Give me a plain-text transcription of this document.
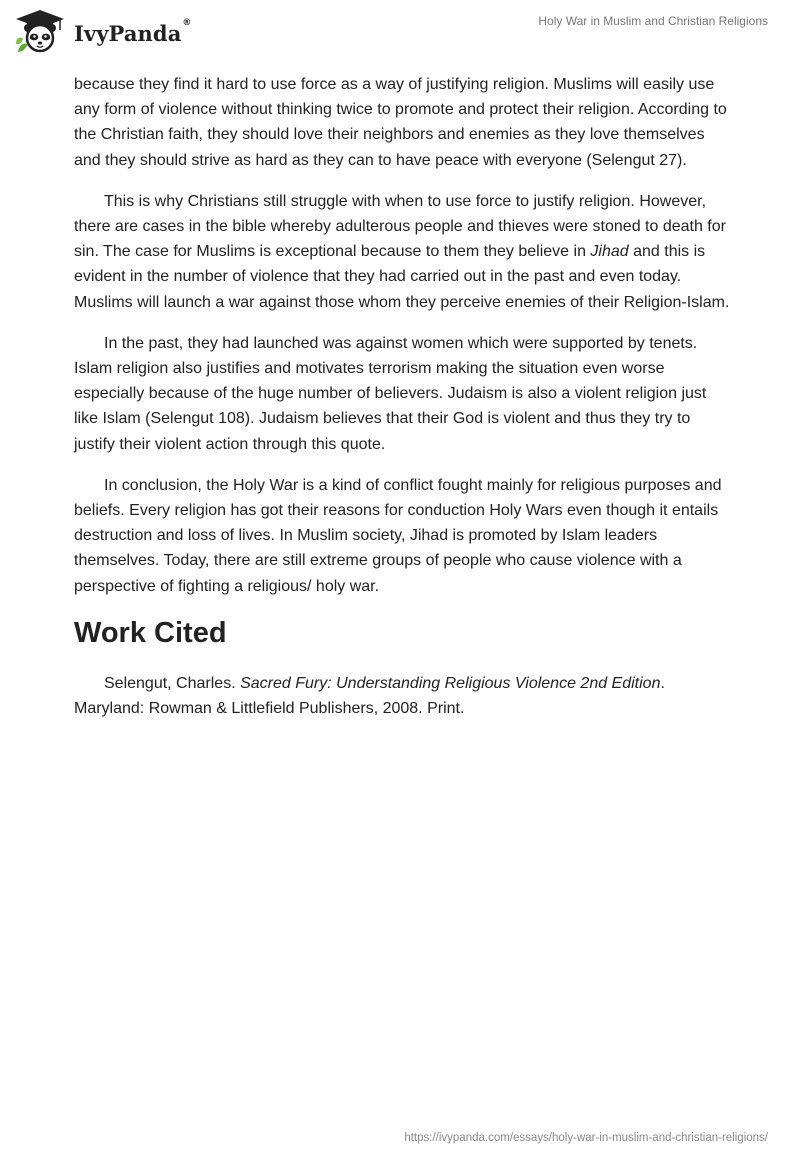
IvyPanda®	Holy War in Muslim and Christian Religions

because they find it hard to use force as a way of justifying religion. Muslims will easily use any form of violence without thinking twice to promote and protect their religion. According to the Christian faith, they should love their neighbors and enemies as they love themselves and they should strive as hard as they can to have peace with everyone (Selengut 27).

This is why Christians still struggle with when to use force to justify religion. However, there are cases in the bible whereby adulterous people and thieves were stoned to death for sin. The case for Muslims is exceptional because to them they believe in Jihad and this is evident in the number of violence that they had carried out in the past and even today. Muslims will launch a war against those whom they perceive enemies of their Religion-Islam.

In the past, they had launched was against women which were supported by tenets. Islam religion also justifies and motivates terrorism making the situation even worse especially because of the huge number of believers. Judaism is also a violent religion just like Islam (Selengut 108). Judaism believes that their God is violent and thus they try to justify their violent action through this quote.

In conclusion, the Holy War is a kind of conflict fought mainly for religious purposes and beliefs. Every religion has got their reasons for conduction Holy Wars even though it entails destruction and loss of lives. In Muslim society, Jihad is promoted by Islam leaders themselves. Today, there are still extreme groups of people who cause violence with a perspective of fighting a religious/ holy war.

Work Cited

Selengut, Charles. Sacred Fury: Understanding Religious Violence 2nd Edition. Maryland: Rowman & Littlefield Publishers, 2008. Print.

https://ivypanda.com/essays/holy-war-in-muslim-and-christian-religions/
